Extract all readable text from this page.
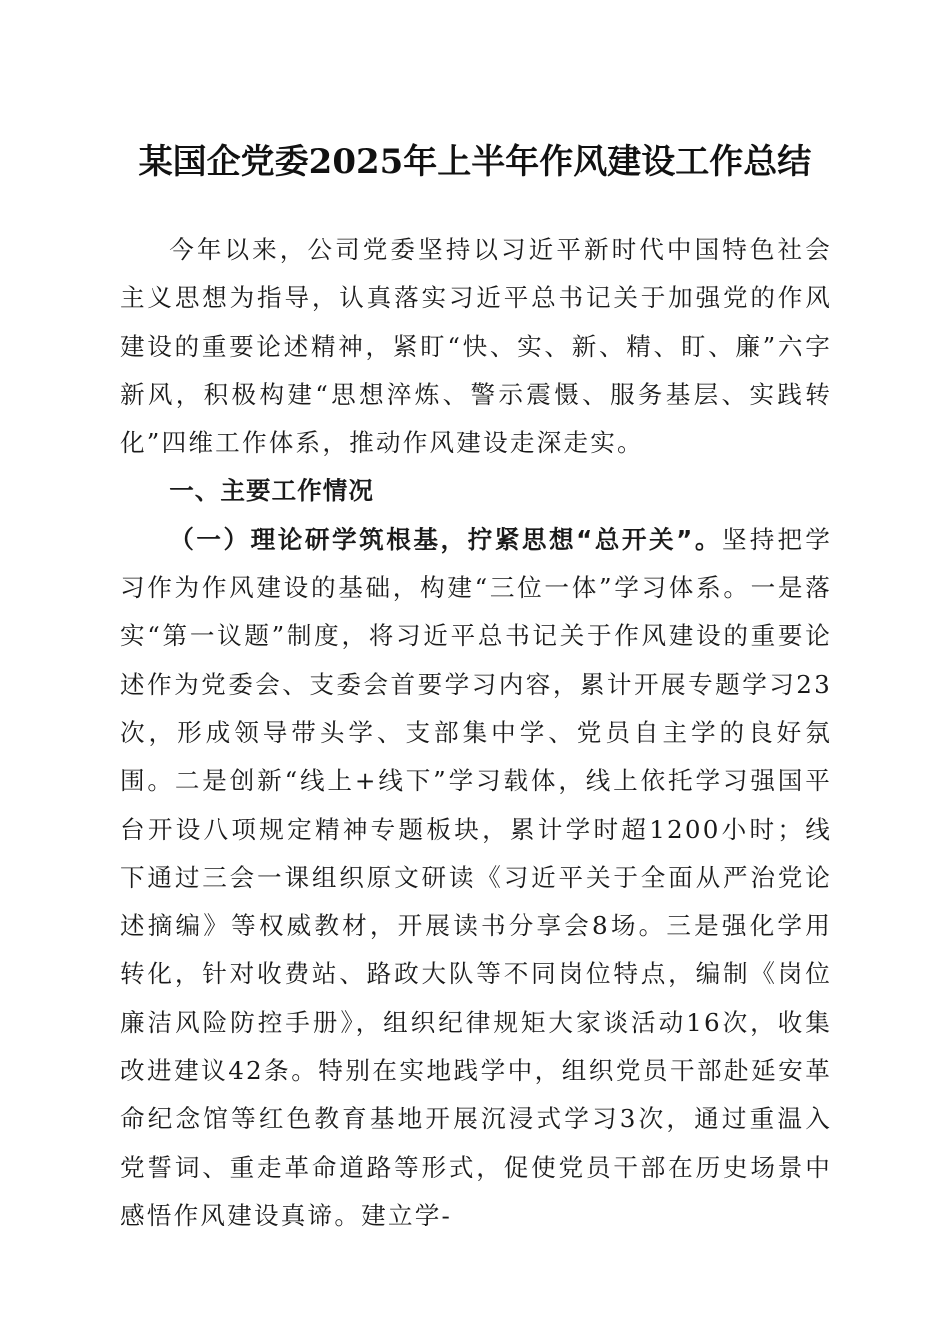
某国企党委2025年上半年作风建设工作总结

今年以来，公司党委坚持以习近平新时代中国特色社会主义思想为指导，认真落实习近平总书记关于加强党的作风建设的重要论述精神，紧盯“快、实、新、精、盯、廉”六字新风，积极构建“思想淬炼、警示震慑、服务基层、实践转化”四维工作体系，推动作风建设走深走实。

一、主要工作情况

（一）理论研学筑根基，拧紧思想“总开关”。坚持把学习作为作风建设的基础，构建“三位一体”学习体系。一是落实“第一议题”制度，将习近平总书记关于作风建设的重要论述作为党委会、支委会首要学习内容，累计开展专题学习23次，形成领导带头学、支部集中学、党员自主学的良好氛围。二是创新“线上+线下”学习载体，线上依托学习强国平台开设八项规定精神专题板块，累计学时超1200小时；线下通过三会一课组织原文研读《习近平关于全面从严治党论述摘编》等权威教材，开展读书分享会8场。三是强化学用转化，针对收费站、路政大队等不同岗位特点，编制《岗位廉洁风险防控手册》，组织纪律规矩大家谈活动16次，收集改进建议42条。特别在实地践学中，组织党员干部赴延安革命纪念馆等红色教育基地开展沉浸式学习3次，通过重温入党誓词、重走革命道路等形式，促使党员干部在历史场景中感悟作风建设真谛。建立学-
